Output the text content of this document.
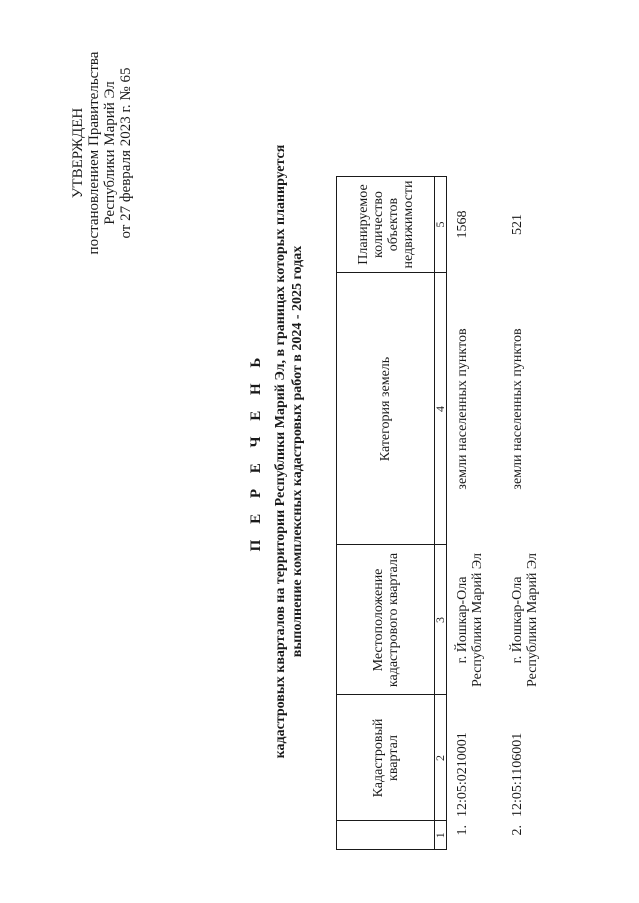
УТВЕРЖДЕН постановлением Правительства Республики Марий Эл от 27 февраля 2023 г. № 65
П Е Р Е Ч Е Н Ь кадастровых кварталов на территории Республики Марий Эл, в границах которых планируется выполнение комплексных кадастровых работ в 2024 - 2025 годах
	Кадастровый квартал	Местоположение кадастрового квартала	Категория земель	Планируемое количество объектов недвижимости
1	2	3	4	5
1.	12:05:0210001	г. Йошкар-Ола Республики Марий Эл	земли населенных пунктов	1568
2.	12:05:1106001	г. Йошкар-Ола Республики Марий Эл	земли населенных пунктов	521
